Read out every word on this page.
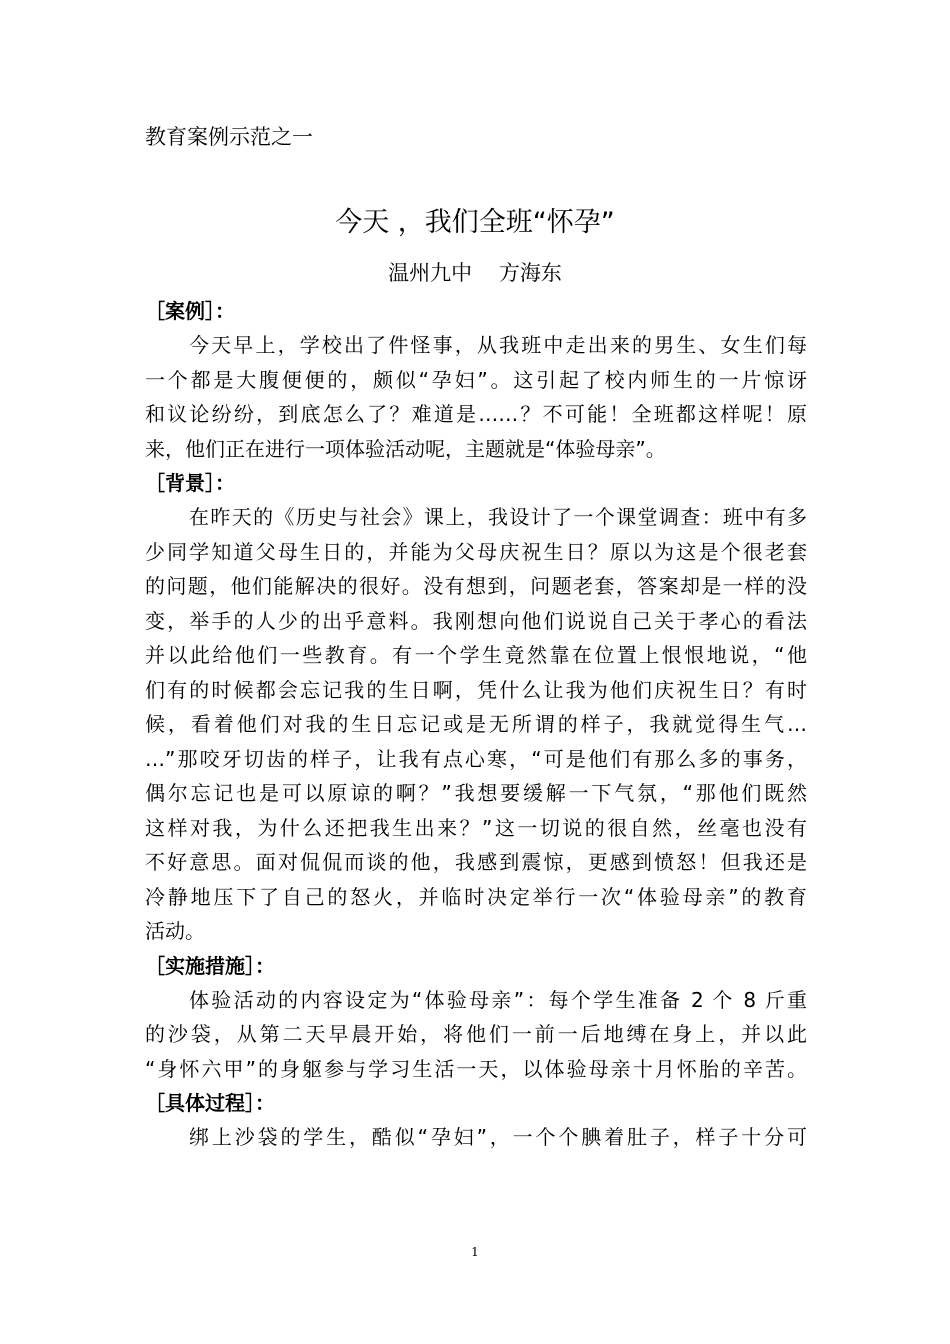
教育案例示范之一
今天 ，我们全班“怀孕”
温州九中    方海东
［案例］：
今天早上，学校出了件怪事，从我班中走出来的男生、女生们每
一个都是大腹便便的，颇似“孕妇”。这引起了校内师生的一片惊讶
和议论纷纷，到底怎么了？难道是……？不可能！全班都这样呢！原
来，他们正在进行一项体验活动呢，主题就是“体验母亲”。
［背景］：
在昨天的《历史与社会》课上，我设计了一个课堂调查：班中有多
少同学知道父母生日的，并能为父母庆祝生日？原以为这是个很老套
的问题，他们能解决的很好。没有想到，问题老套，答案却是一样的没
变，举手的人少的出乎意料。我刚想向他们说说自己关于孝心的看法
并以此给他们一些教育。有一个学生竟然靠在位置上恨恨地说，“他
们有的时候都会忘记我的生日啊，凭什么让我为他们庆祝生日？有时
候，看着他们对我的生日忘记或是无所谓的样子，我就觉得生气…
…”那咬牙切齿的样子，让我有点心寒，“可是他们有那么多的事务，
偶尔忘记也是可以原谅的啊？”我想要缓解一下气氛，“那他们既然
这样对我，为什么还把我生出来？”这一切说的很自然，丝毫也没有
不好意思。面对侃侃而谈的他，我感到震惊，更感到愤怒！但我还是
冷静地压下了自己的怒火，并临时决定举行一次“体验母亲”的教育
活动。
［实施措施］：
体验活动的内容设定为“体验母亲”：每个学生准备 2 个 8 斤重
的沙袋，从第二天早晨开始，将他们一前一后地缚在身上，并以此
“身怀六甲”的身躯参与学习生活一天，以体验母亲十月怀胎的辛苦。
［具体过程］：
绑上沙袋的学生，酷似“孕妇”，一个个腆着肚子，样子十分可
1
